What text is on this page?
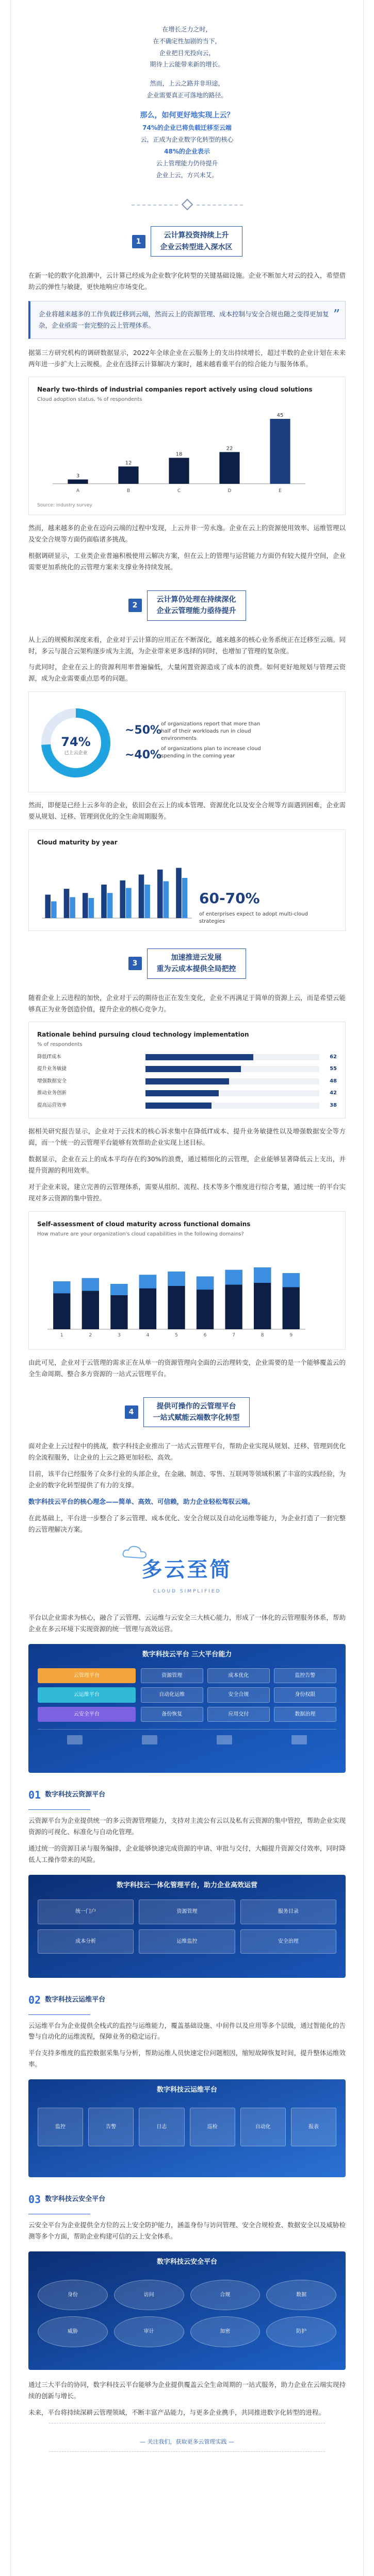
在增长乏力之时，
在不确定性加剧的当下，
企业把目光投向云，
期待上云能带来新的增长。
然而，上云之路并非坦途，
企业需要真正可落地的路径。
那么，如何更好地实现上云？
74%的企业已将负载迁移至云端
云，正成为企业数字化转型的核心
48%的企业表示
云上管理能力仍待提升
企业上云，方兴未艾。
1
云计算投资持续上升
企业云转型进入深水区

在新一轮的数字化浪潮中，云计算已经成为企业数字化转型的关键基础设施。企业不断加大对云的投入，希望借助云的弹性与敏捷，更快地响应市场变化。

”
企业将越来越多的工作负载迁移到云端，然而云上的资源管理、成本控制与安全合规也随之变得更加复杂，企业亟需一套完整的云上管理体系。

据第三方研究机构的调研数据显示，2022年全球企业在云服务上的支出持续增长，超过半数的企业计划在未来两年进一步扩大上云规模。企业在选择云计算解决方案时，越来越看重平台的综合能力与服务体系。

Nearly two-thirds of industrial companies report actively using cloud solutions
Cloud adoption status, % of respondents
3
A
12
B
18
C
22
D
45
E
Source: industry survey

然而，越来越多的企业在迈向云端的过程中发现，上云并非一劳永逸。企业在云上的资源使用效率、运维管理以及安全合规等方面仍面临诸多挑战。

根据调研显示，工业类企业普遍积极使用云解决方案，但在云上的管理与运营能力方面仍有较大提升空间，企业需要更加系统化的云管理方案来支撑业务持续发展。

2
云计算仍处理在持续深化
企业云管理能力亟待提升

从上云的规模和深度来看，企业对于云计算的应用正在不断深化，越来越多的核心业务系统正在迁移至云端。同时，多云与混合云架构逐步成为主流，为企业带来更多选择的同时，也增加了管理的复杂度。

与此同时，企业在云上的资源利用率普遍偏低，大量闲置资源造成了成本的浪费。如何更好地规划与管理云资源，成为企业需要重点思考的问题。

74%
已上云企业
~50%
of organizations report that more than half of their workloads run in cloud environments
~40%
of organizations plan to increase cloud spending in the coming year

然而，即便是已经上云多年的企业，依旧会在云上的成本管理、资源优化以及安全合规等方面遇到困难，企业需要从规划、迁移、管理到优化的全生命周期服务。

Cloud maturity by year
60-70%
of enterprises expect to adopt multi-cloud strategies
3
加速推进云发展
重为云成本提供全局把控

随着企业上云进程的加快，企业对于云的期待也正在发生变化，企业不再满足于简单的资源上云，而是希望云能够真正为业务创造价值，提升企业的核心竞争力。

Rationale behind pursuing cloud technology implementation
% of respondents
降低IT成本	62
提升业务敏捷	55
增强数据安全	48
推动业务创新	42
提高运营效率	38

据相关研究报告显示，企业对于云技术的核心诉求集中在降低IT成本、提升业务敏捷性以及增强数据安全等方面，而一个统一的云管理平台能够有效帮助企业实现上述目标。

数据显示，企业在云上的成本平均存在约30%的浪费，通过精细化的云管理，企业能够显著降低云上支出，并提升资源的利用效率。

对于企业来说，建立完善的云管理体系，需要从组织、流程、技术等多个维度进行综合考量，通过统一的平台实现对多云资源的集中管控。

Self-assessment of cloud maturity across functional domains
How mature are your organization's cloud capabilities in the following domains?
1	2	3	4	5	6	7	8	9

由此可见，企业对于云管理的需求正在从单一的资源管理向全面的云治理转变，企业需要的是一个能够覆盖云的全生命周期、整合多方资源的一站式云管理平台。

4
提供可操作的云管理平台
一站式赋能云端数字化转型

面对企业上云过程中的挑战，数字科技企业推出了一站式云管理平台，帮助企业实现从规划、迁移、管理到优化的全流程服务，让企业的上云之路更加轻松、高效。

目前，该平台已经服务了众多行业的头部企业，在金融、制造、零售、互联网等领域积累了丰富的实践经验，为企业的数字化转型提供了有力的支撑。

数字科技云平台的核心理念——简单、高效、可信赖，助力企业轻松驾驭云端。

在此基础上，平台进一步整合了多云管理、成本优化、安全合规以及自动化运维等能力，为企业打造了一套完整的云管理解决方案。

多云至简
CLOUD SIMPLIFIED

平台以企业需求为核心，融合了云管理、云运维与云安全三大核心能力，形成了一体化的云管理服务体系，帮助企业在多云环境下实现资源的统一管理与高效运营。

数字科技云平台 三大平台能力
云管理平台
云运维平台
云安全平台
资源管理	成本优化	监控告警
自动化运维	安全合规	身份权限
备份恢复	应用交付	数据治理
01 数字科技云资源平台

云资源平台为企业提供统一的多云资源管理能力，支持对主流公有云以及私有云资源的集中管控，帮助企业实现资源的可视化、标准化与自动化管理。

通过统一的资源目录与服务编排，企业能够快速完成资源的申请、审批与交付，大幅提升资源交付效率，同时降低人工操作带来的风险。

数字科技云一体化管理平台，助力企业高效运营
统一门户	资源管理	服务目录
成本分析	运维监控	安全治理
02 数字科技云运维平台

云运维平台为企业提供全栈式的监控与运维能力，覆盖基础设施、中间件以及应用等多个层级，通过智能化的告警与自动化的运维流程，保障业务的稳定运行。

平台支持多维度的监控数据采集与分析，帮助运维人员快速定位问题根因，缩短故障恢复时间，提升整体运维效率。

数字科技云运维平台
监控	告警	日志	巡检	自动化	报表
03 数字科技云安全平台

云安全平台为企业提供全方位的云上安全防护能力，涵盖身份与访问管理、安全合规检查、数据安全以及威胁检测等多个方面，帮助企业构建可信的云上安全体系。

数字科技云安全平台
身份	访问	合规	数据
威胁	审计	加密	防护

通过三大平台的协同，数字科技云平台能够为企业提供覆盖云全生命周期的一站式服务，助力企业在云端实现持续的创新与增长。

未来，平台将持续深耕云管理领域，不断丰富产品能力，与更多企业携手，共同推进数字化转型的进程。

— 关注我们，获取更多云管理实践 —
